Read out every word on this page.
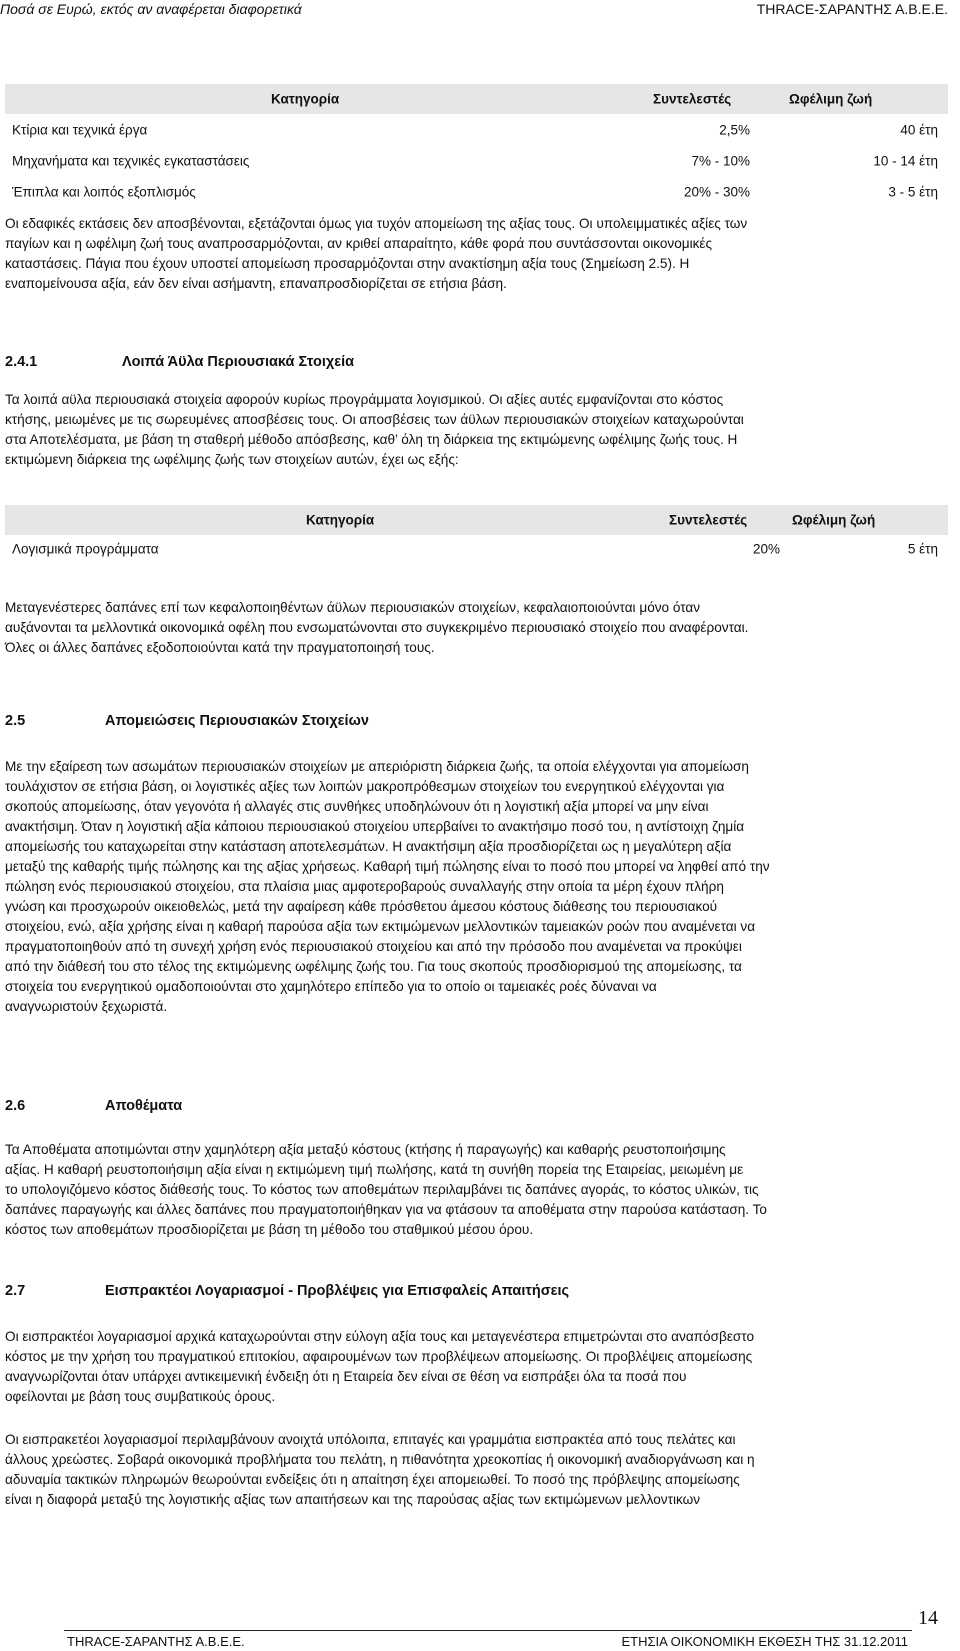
Ποσά σε Ευρώ, εκτός αν αναφέρεται διαφορετικά	THRACE-ΣΑΡΑΝΤΗΣ Α.Β.Ε.Ε.
Κατηγορία	Συντελεστές	Ωφέλιμη ζωή
Κτίρια και τεχνικά έργα	2,5%	40 έτη
Μηχανήματα και τεχνικές εγκαταστάσεις	7% - 10%	10 - 14 έτη
Έπιπλα και λοιπός εξοπλισμός	20% - 30%	3 - 5 έτη
Οι εδαφικές εκτάσεις δεν αποσβένονται, εξετάζονται όμως για τυχόν απομείωση της αξίας τους. Οι υπολειμματικές αξίες των
παγίων και η ωφέλιμη ζωή τους αναπροσαρμόζονται, αν κριθεί απαραίτητο, κάθε φορά που συντάσσονται οικονομικές
καταστάσεις. Πάγια που έχουν υποστεί απομείωση προσαρμόζονται στην ανακτίσημη αξία τους (Σημείωση 2.5). Η
εναπομείνουσα αξία, εάν δεν είναι ασήμαντη, επαναπροσδιορίζεται σε ετήσια βάση.
2.4.1	Λοιπά Άϋλα Περιουσιακά Στοιχεία
Τα λοιπά αϋλα περιουσιακά στοιχεία αφορούν κυρίως προγράμματα λογισμικού. Οι αξίες αυτές εμφανίζονται στο κόστος
κτήσης, μειωμένες με τις σωρευμένες αποσβέσεις τους. Οι αποσβέσεις των άϋλων περιουσιακών στοιχείων καταχωρούνται
στα Αποτελέσματα, με βάση τη σταθερή μέθοδο απόσβεσης, καθ’ όλη τη διάρκεια της εκτιμώμενης ωφέλιμης ζωής τους. Η
εκτιμώμενη διάρκεια της ωφέλιμης ζωής των στοιχείων αυτών, έχει ως εξής:
Κατηγορία	Συντελεστές	Ωφέλιμη ζωή
Λογισμικά προγράμματα	20%	5 έτη
Μεταγενέστερες δαπάνες επί των κεφαλοποιηθέντων άϋλων περιουσιακών στοιχείων, κεφαλαιοποιούνται μόνο όταν
αυξάνονται τα μελλοντικά οικονομικά οφέλη που ενσωματώνονται στο συγκεκριμένο περιουσιακό στοιχείο που αναφέρονται.
Όλες οι άλλες δαπάνες εξοδοποιούνται κατά την πραγματοποιησή τους.
2.5	Απομειώσεις Περιουσιακών Στοιχείων
Με την εξαίρεση των ασωμάτων περιουσιακών στοιχείων με απεριόριστη διάρκεια ζωής, τα οποία ελέγχονται για απομείωση
τουλάχιστον σε ετήσια βάση, οι λογιστικές αξίες των λοιπών μακροπρόθεσμων στοιχείων του ενεργητικού ελέγχονται για
σκοπούς απομείωσης, όταν γεγονότα ή αλλαγές στις συνθήκες υποδηλώνουν ότι η λογιστική αξία μπορεί να μην είναι
ανακτήσιμη. Όταν η λογιστική αξία κάποιου περιουσιακού στοιχείου υπερβαίνει το ανακτήσιμο ποσό του, η αντίστοιχη ζημία
απομείωσής του καταχωρείται στην κατάσταση αποτελεσμάτων. Η ανακτήσιμη αξία προσδιορίζεται ως η μεγαλύτερη αξία
μεταξύ της καθαρής τιμής πώλησης και της αξίας χρήσεως. Καθαρή τιμή πώλησης είναι το ποσό που μπορεί να ληφθεί από την
πώληση ενός περιουσιακού στοιχείου, στα πλαίσια μιας αμφοτεροβαρούς συναλλαγής στην οποία τα μέρη έχουν πλήρη
γνώση και προσχωρούν οικειοθελώς, μετά την αφαίρεση κάθε πρόσθετου άμεσου κόστους διάθεσης του περιουσιακού
στοιχείου, ενώ, αξία χρήσης είναι η καθαρή παρούσα αξία των εκτιμώμενων μελλοντικών ταμειακών ροών που αναμένεται να
πραγματοποιηθούν από τη συνεχή χρήση ενός περιουσιακού στοιχείου και από την πρόσοδο που αναμένεται να προκύψει
από την διάθεσή του στο τέλος της εκτιμώμενης ωφέλιμης ζωής του. Για τους σκοπούς προσδιορισμού της απομείωσης, τα
στοιχεία του ενεργητικού ομαδοποιούνται στο χαμηλότερο επίπεδο για το οποίο οι ταμειακές ροές δύναναι να
αναγνωριστούν ξεχωριστά.
2.6	Αποθέματα
Τα Αποθέματα αποτιμώνται στην χαμηλότερη αξία μεταξύ κόστους (κτήσης ή παραγωγής) και καθαρής ρευστοποιήσιμης
αξίας. Η καθαρή ρευστοποιήσιμη αξία είναι η εκτιμώμενη τιμή πωλήσης, κατά τη συνήθη πορεία της Εταιρείας, μειωμένη με
το υπολογιζόμενο κόστος διάθεσής τους. Το κόστος των αποθεμάτων περιλαμβάνει τις δαπάνες αγοράς, το κόστος υλικών, τις
δαπάνες παραγωγής και άλλες δαπάνες που πραγματοποιήθηκαν για να φτάσουν τα αποθέματα στην παρούσα κατάσταση. Το
κόστος των αποθεμάτων προσδιορίζεται με βάση τη μέθοδο του σταθμικού μέσου όρου.
2.7	Εισπρακτέοι Λογαριασμοί - Προβλέψεις για Επισφαλείς Απαιτήσεις
Οι εισπρακτέοι λογαριασμοί αρχικά καταχωρούνται στην εύλογη αξία τους και μεταγενέστερα επιμετρώνται στο αναπόσβεστο
κόστος με την χρήση του πραγματικού επιτοκίου, αφαιρουμένων των προβλέψεων απομείωσης. Οι προβλέψεις απομείωσης
αναγνωρίζονται όταν υπάρχει αντικειμενική ένδειξη ότι η Εταιρεία δεν είναι σε θέση να εισπράξει όλα τα ποσά που
οφείλονται με βάση τους συμβατικούς όρους.
Οι εισπρακετέοι λογαριασμοί περιλαμβάνουν ανοιχτά υπόλοιπα, επιταγές και γραμμάτια εισπρακτέα από τους πελάτες και
άλλους χρεώστες. Σοβαρά οικονομικά προβλήματα του πελάτη, η πιθανότητα χρεοκοπίας ή οικονομική αναδιοργάνωση και η
αδυναμία τακτικών πληρωμών θεωρούνται ενδείξεις ότι η απαίτηση έχει απομειωθεί. Το ποσό της πρόβλεψης απομείωσης
είναι η διαφορά μεταξύ της λογιστικής αξίας των απαιτήσεων και της παρούσας αξίας των εκτιμώμενων μελλοντικων
14
THRACE-ΣΑΡΑΝΤΗΣ Α.Β.Ε.Ε.	ΕΤΗΣΙΑ ΟΙΚΟΝΟΜΙΚΗ ΕΚΘΕΣΗ ΤΗΣ 31.12.2011
